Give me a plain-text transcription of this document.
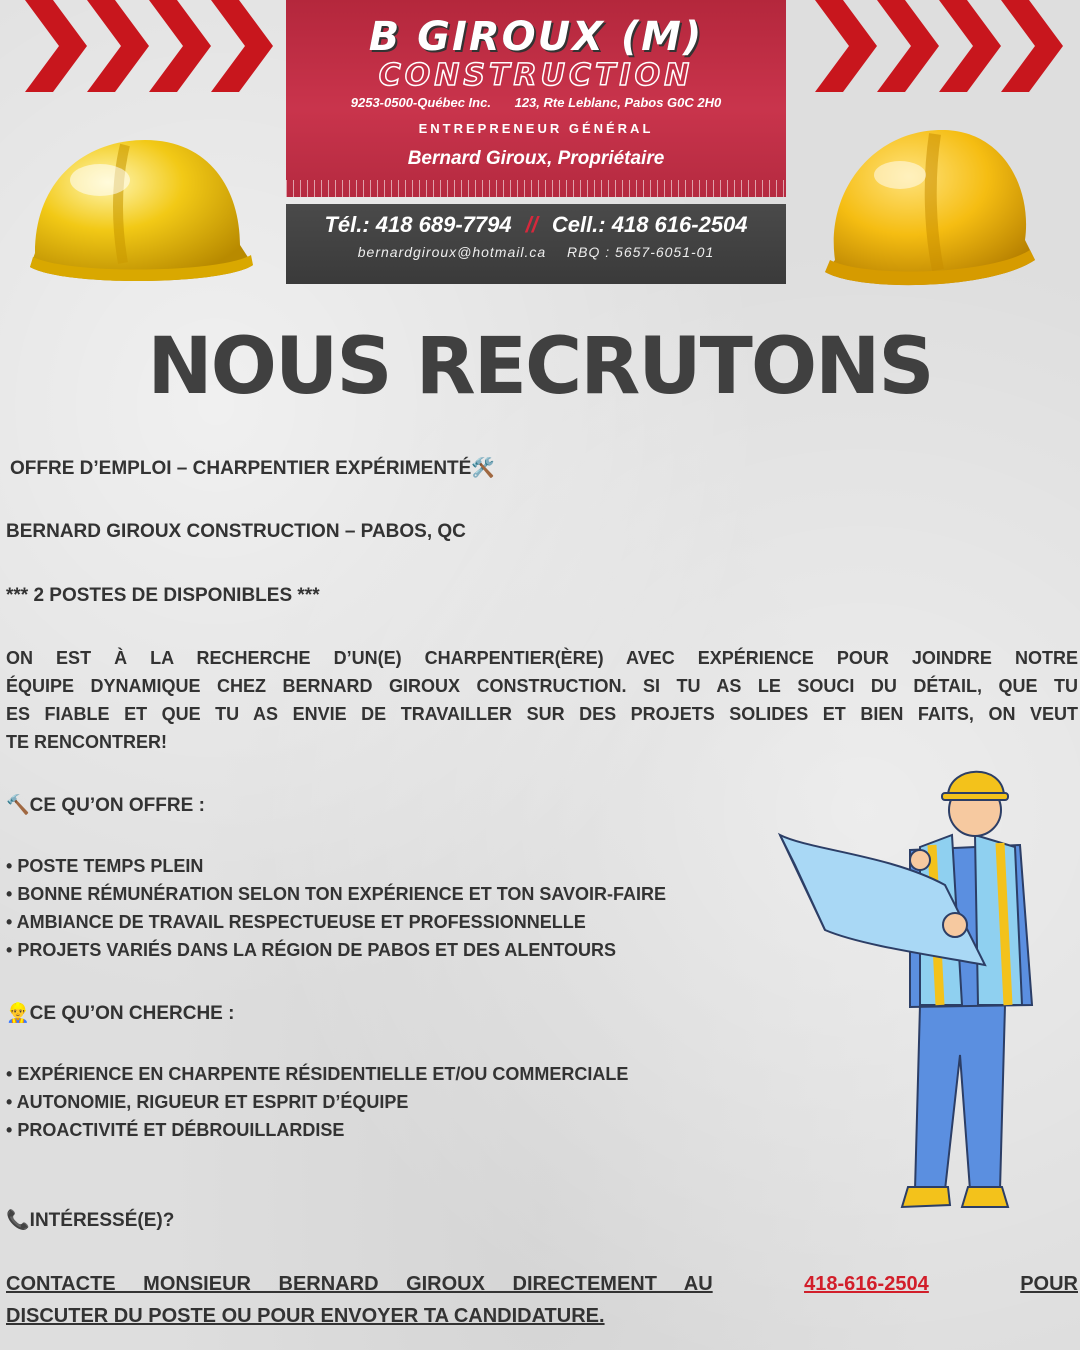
B GIROUX (M)
CONSTRUCTION
9253-0500-Québec Inc. 123, Rte Leblanc, Pabos G0C 2H0
ENTREPRENEUR GÉNÉRAL
Bernard Giroux, Propriétaire
Tél.: 418 689-7794 // Cell.: 418 616-2504
bernardgiroux@hotmail.ca RBQ : 5657-6051-01
NOUS RECRUTONS
OFFRE D’EMPLOI – CHARPENTIER EXPÉRIMENTÉ🛠️
BERNARD GIROUX CONSTRUCTION – PABOS, QC
*** 2 POSTES DE DISPONIBLES ***
ON EST À LA RECHERCHE D’UN(E) CHARPENTIER(ÈRE) AVEC EXPÉRIENCE POUR JOINDRE NOTRE
ÉQUIPE DYNAMIQUE CHEZ BERNARD GIROUX CONSTRUCTION. SI TU AS LE SOUCI DU DÉTAIL, QUE TU
ES FIABLE ET QUE TU AS ENVIE DE TRAVAILLER SUR DES PROJETS SOLIDES ET BIEN FAITS, ON VEUT

TE RENCONTRER!
🔨CE QU’ON OFFRE :
• POSTE TEMPS PLEIN
• BONNE RÉMUNÉRATION SELON TON EXPÉRIENCE ET TON SAVOIR-FAIRE
• AMBIANCE DE TRAVAIL RESPECTUEUSE ET PROFESSIONNELLE
• PROJETS VARIÉS DANS LA RÉGION DE PABOS ET DES ALENTOURS
👷‍♂️CE QU’ON CHERCHE :
• EXPÉRIENCE EN CHARPENTE RÉSIDENTIELLE ET/OU COMMERCIALE
• AUTONOMIE, RIGUEUR ET ESPRIT D’ÉQUIPE
• PROACTIVITÉ ET DÉBROUILLARDISE
📞INTÉRESSÉ(E)?
CONTACTE MONSIEUR BERNARD GIROUX DIRECTEMENT AU	418-616-2504	POUR
DISCUTER DU POSTE OU POUR ENVOYER TA CANDIDATURE.
